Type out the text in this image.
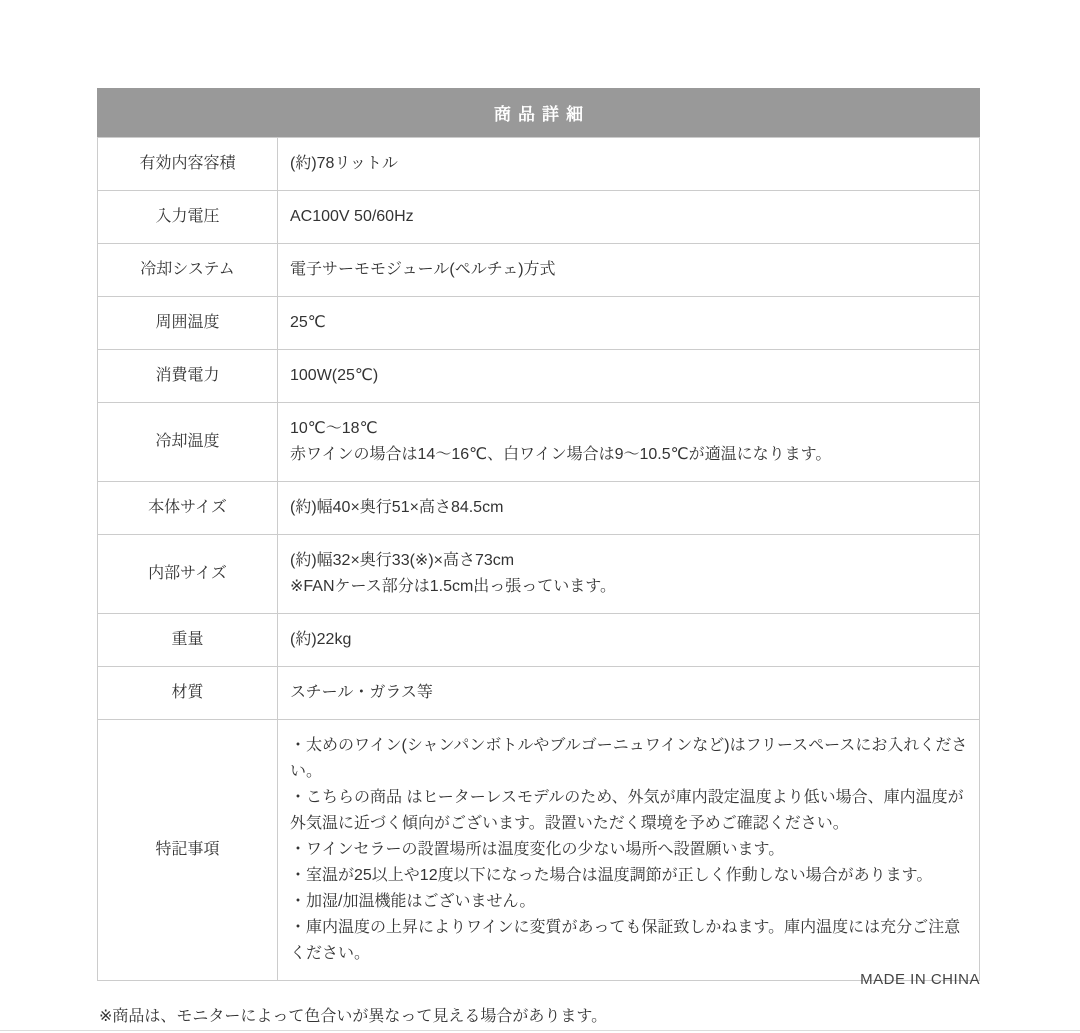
商品詳細
有効内容容積	(約)78リットル

入力電圧	AC100V 50/60Hz

冷却システム	電子サーモモジュール(ペルチェ)方式

周囲温度	25℃

消費電力	100W(25℃)

冷却温度	10℃〜18℃
赤ワインの場合は14〜16℃、白ワイン場合は9〜10.5℃が適温になります。

本体サイズ	(約)幅40×奥行51×高さ84.5cm

内部サイズ	(約)幅32×奥行33(※)×高さ73cm
※FANケース部分は1.5cm出っ張っています。

重量	(約)22kg

材質	スチール・ガラス等

特記事項	
・太めのワイン(シャンパンボトルやブルゴーニュワインなど)はフリースペースにお入れください。
・こちらの商品 はヒーターレスモデルのため、外気が庫内設定温度より低い場合、庫内温度が外気温に近づく傾向がございます。設置いただく環境を予めご確認ください。
・ワインセラーの設置場所は温度変化の少ない場所へ設置願います。
・室温が25以上や12度以下になった場合は温度調節が正しく作動しない場合があります。
・加湿/加温機能はございません。
・庫内温度の上昇によりワインに変質があっても保証致しかねます。庫内温度には充分ご注意ください。
MADE IN CHINA
※商品は、モニターによって色合いが異なって見える場合があります。
